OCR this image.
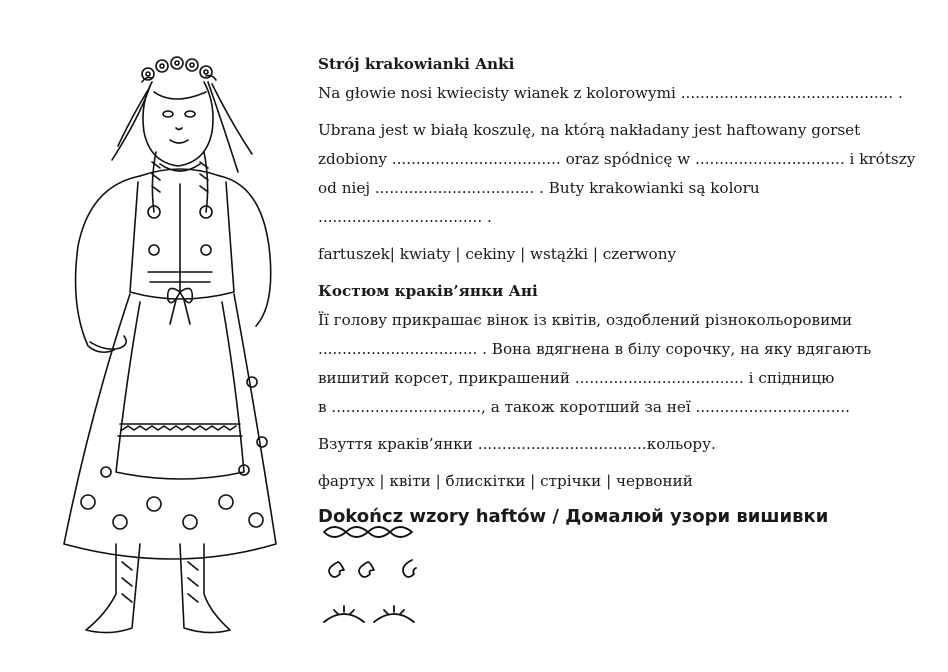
Strój krakowianki Anki

Na głowie nosi kwiecisty wianek z kolorowymi ............................................ .

Ubrana jest w białą koszulę, na którą nakładany jest haftowany gorset

zdobiony ................................... oraz spódnicę w ............................... i krótszy

od niej ................................. . Buty krakowianki są koloru .................................. .

fartuszek| kwiaty | cekiny | wstążki | czerwony

Костюм краків’янки Ані

Її голову прикрашає вінок із квітів, оздоблений різнокольоровими

................................. . Вона вдягнена в білу сорочку, на яку вдягають

вишитий корсет, прикрашений ................................... і спідницю

в ..............................., а також коротший за неї ................................

Взуття краків’янки ...................................кольору.

фартух | квіти | блискітки | стрічки | червоний

Dokończ wzory haftów / Домалюй узори вишивки
